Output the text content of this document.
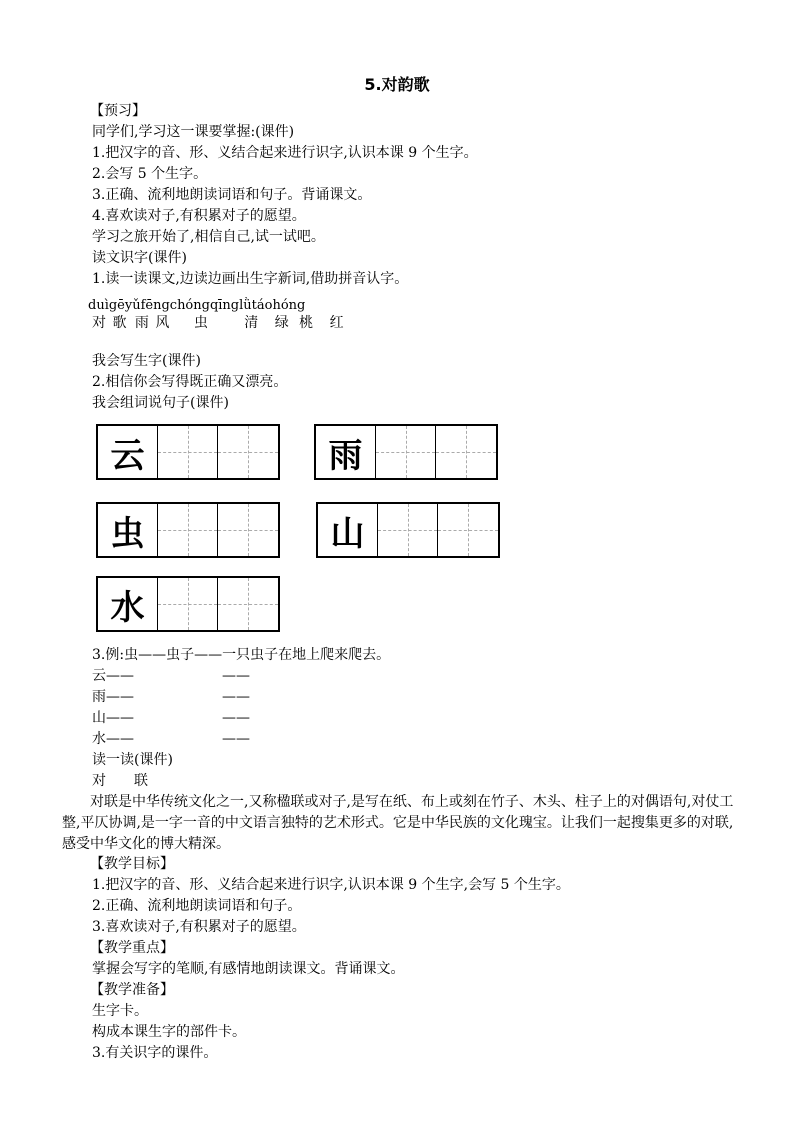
5.对韵歌
【预习】
同学们,学习这一课要掌握:(课件)
1.把汉字的音、形、义结合起来进行识字,认识本课 9 个生字。
2.会写 5 个生字。
3.正确、流利地朗读词语和句子。背诵课文。
4.喜欢读对子,有积累对子的愿望。
学习之旅开始了,相信自己,试一试吧。
读文识字(课件)
1.读一读课文,边读边画出生字新词,借助拼音认字。
duìgēyǔfēngchóngqīnglǜtáohóng
对 歌 雨 风 虫	清 绿 桃 红
我会写生字(课件)
2.相信你会写得既正确又漂亮。
我会组词说句子(课件)
云	雨
虫	山
水
3.例:虫——虫子——一只虫子在地上爬来爬去。
云——	——
雨——	——
山——	——
水——	——
读一读(课件)
对　　联
对联是中华传统文化之一,又称楹联或对子,是写在纸、布上或刻在竹子、木头、柱子上的对偶语句,对仗工整,平仄协调,是一字一音的中文语言独特的艺术形式。它是中华民族的文化瑰宝。让我们一起搜集更多的对联,感受中华文化的博大精深。
【教学目标】
1.把汉字的音、形、义结合起来进行识字,认识本课 9 个生字,会写 5 个生字。
2.正确、流利地朗读词语和句子。
3.喜欢读对子,有积累对子的愿望。
【教学重点】
掌握会写字的笔顺,有感情地朗读课文。背诵课文。
【教学准备】
生字卡。
构成本课生字的部件卡。
3.有关识字的课件。
